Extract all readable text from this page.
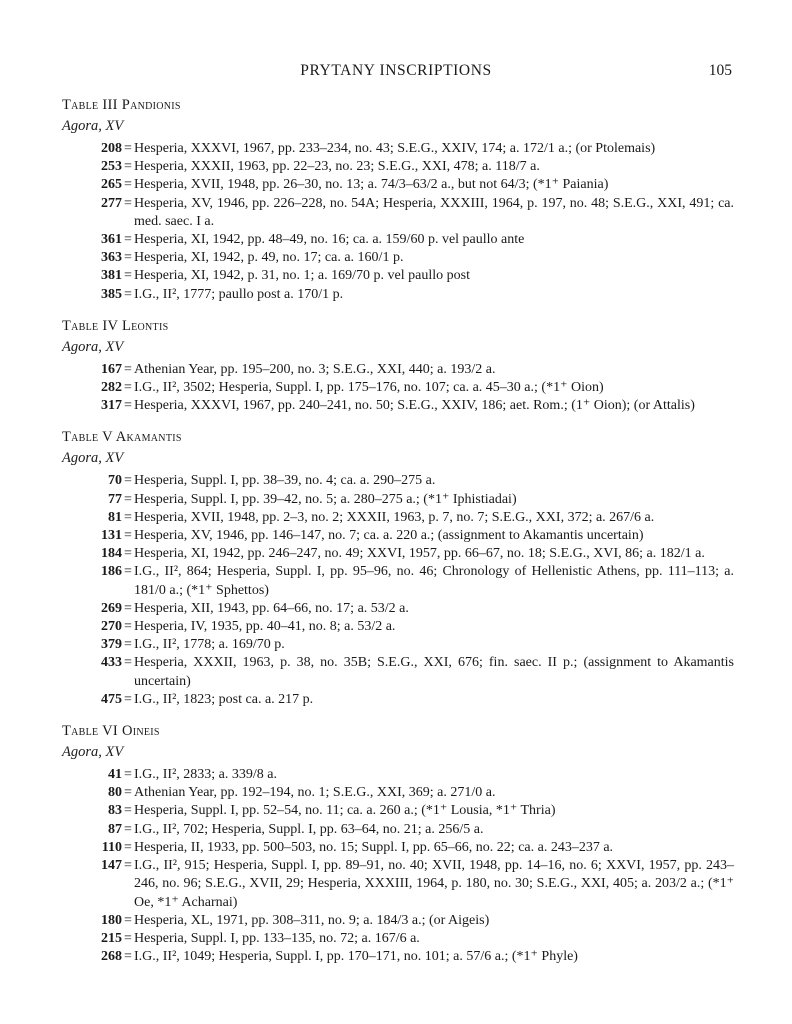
PRYTANY INSCRIPTIONS	105
Table III Pandionis
Agora, XV
208 = Hesperia, XXXVI, 1967, pp. 233–234, no. 43; S.E.G., XXIV, 174; a. 172/1 a.; (or Ptolemais)
253 = Hesperia, XXXII, 1963, pp. 22–23, no. 23; S.E.G., XXI, 478; a. 118/7 a.
265 = Hesperia, XVII, 1948, pp. 26–30, no. 13; a. 74/3–63/2 a., but not 64/3; (*1⁺ Paiania)
277 = Hesperia, XV, 1946, pp. 226–228, no. 54A; Hesperia, XXXIII, 1964, p. 197, no. 48; S.E.G., XXI, 491; ca. med. saec. I a.
361 = Hesperia, XI, 1942, pp. 48–49, no. 16; ca. a. 159/60 p. vel paullo ante
363 = Hesperia, XI, 1942, p. 49, no. 17; ca. a. 160/1 p.
381 = Hesperia, XI, 1942, p. 31, no. 1; a. 169/70 p. vel paullo post
385 = I.G., II², 1777; paullo post a. 170/1 p.
Table IV Leontis
Agora, XV
167 = Athenian Year, pp. 195–200, no. 3; S.E.G., XXI, 440; a. 193/2 a.
282 = I.G., II², 3502; Hesperia, Suppl. I, pp. 175–176, no. 107; ca. a. 45–30 a.; (*1⁺ Oion)
317 = Hesperia, XXXVI, 1967, pp. 240–241, no. 50; S.E.G., XXIV, 186; aet. Rom.; (1⁺ Oion); (or Attalis)
Table V Akamantis
Agora, XV
70 = Hesperia, Suppl. I, pp. 38–39, no. 4; ca. a. 290–275 a.
77 = Hesperia, Suppl. I, pp. 39–42, no. 5; a. 280–275 a.; (*1⁺ Iphistiadai)
81 = Hesperia, XVII, 1948, pp. 2–3, no. 2; XXXII, 1963, p. 7, no. 7; S.E.G., XXI, 372; a. 267/6 a.
131 = Hesperia, XV, 1946, pp. 146–147, no. 7; ca. a. 220 a.; (assignment to Akamantis uncertain)
184 = Hesperia, XI, 1942, pp. 246–247, no. 49; XXVI, 1957, pp. 66–67, no. 18; S.E.G., XVI, 86; a. 182/1 a.
186 = I.G., II², 864; Hesperia, Suppl. I, pp. 95–96, no. 46; Chronology of Hellenistic Athens, pp. 111–113; a. 181/0 a.; (*1⁺ Sphettos)
269 = Hesperia, XII, 1943, pp. 64–66, no. 17; a. 53/2 a.
270 = Hesperia, IV, 1935, pp. 40–41, no. 8; a. 53/2 a.
379 = I.G., II², 1778; a. 169/70 p.
433 = Hesperia, XXXII, 1963, p. 38, no. 35B; S.E.G., XXI, 676; fin. saec. II p.; (assignment to Akamantis uncertain)
475 = I.G., II², 1823; post ca. a. 217 p.
Table VI Oineis
Agora, XV
41 = I.G., II², 2833; a. 339/8 a.
80 = Athenian Year, pp. 192–194, no. 1; S.E.G., XXI, 369; a. 271/0 a.
83 = Hesperia, Suppl. I, pp. 52–54, no. 11; ca. a. 260 a.; (*1⁺ Lousia, *1⁺ Thria)
87 = I.G., II², 702; Hesperia, Suppl. I, pp. 63–64, no. 21; a. 256/5 a.
110 = Hesperia, II, 1933, pp. 500–503, no. 15; Suppl. I, pp. 65–66, no. 22; ca. a. 243–237 a.
147 = I.G., II², 915; Hesperia, Suppl. I, pp. 89–91, no. 40; XVII, 1948, pp. 14–16, no. 6; XXVI, 1957, pp. 243–246, no. 96; S.E.G., XVII, 29; Hesperia, XXXIII, 1964, p. 180, no. 30; S.E.G., XXI, 405; a. 203/2 a.; (*1⁺ Oe, *1⁺ Acharnai)
180 = Hesperia, XL, 1971, pp. 308–311, no. 9; a. 184/3 a.; (or Aigeis)
215 = Hesperia, Suppl. I, pp. 133–135, no. 72; a. 167/6 a.
268 = I.G., II², 1049; Hesperia, Suppl. I, pp. 170–171, no. 101; a. 57/6 a.; (*1⁺ Phyle)
